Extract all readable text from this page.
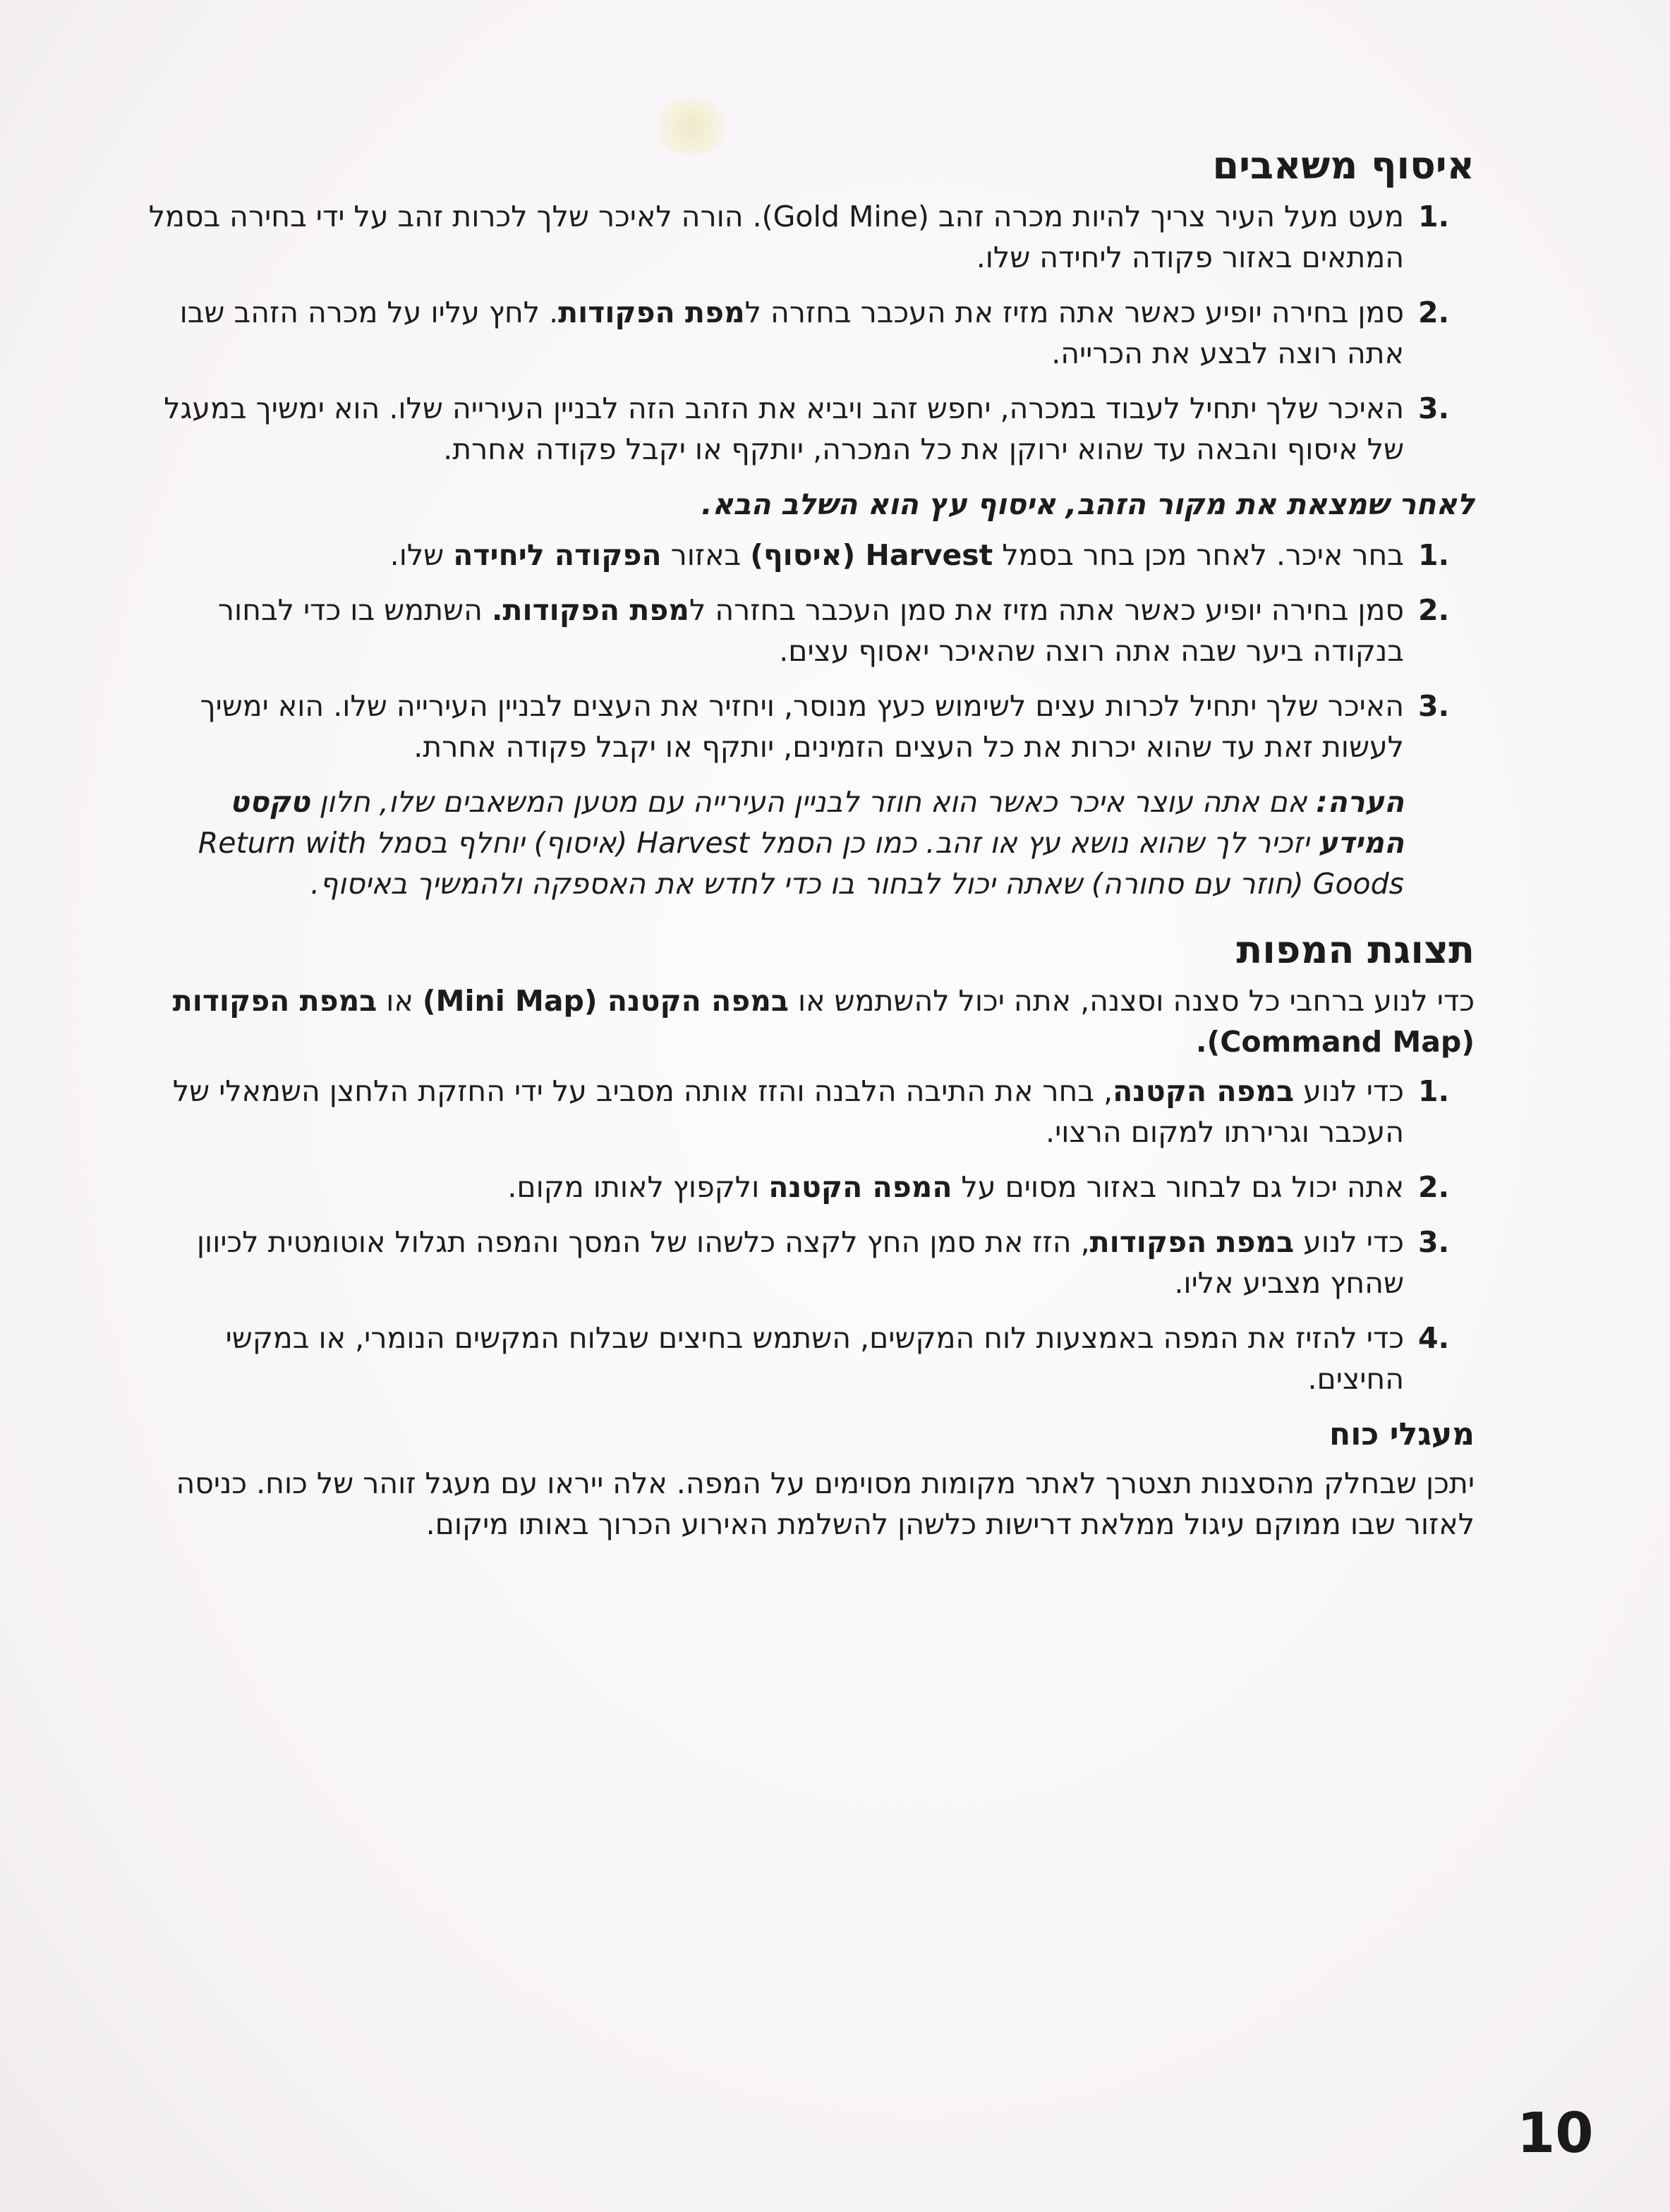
איסוף משאבים
1.
מעט מעל העיר צריך להיות מכרה זהב (Gold Mine). הורה לאיכר שלך לכרות זהב על ידי בחירה בסמל המתאים באזור פקודה ליחידה שלו.
2.
סמן בחירה יופיע כאשר אתה מזיז את העכבר בחזרה למפת הפקודות. לחץ עליו על מכרה הזהב שבו אתה רוצה לבצע את הכרייה.
3.
האיכר שלך יתחיל לעבוד במכרה, יחפש זהב ויביא את הזהב הזה לבניין העירייה שלו. הוא ימשיך במעגל של איסוף והבאה עד שהוא ירוקן את כל המכרה, יותקף או יקבל פקודה אחרת.
לאחר שמצאת את מקור הזהב, איסוף עץ הוא השלב הבא.
1.
בחר איכר. לאחר מכן בחר בסמל Harvest (איסוף) באזור הפקודה ליחידה שלו.
2.
סמן בחירה יופיע כאשר אתה מזיז את סמן העכבר בחזרה למפת הפקודות. השתמש בו כדי לבחור בנקודה ביער שבה אתה רוצה שהאיכר יאסוף עצים.
3.
האיכר שלך יתחיל לכרות עצים לשימוש כעץ מנוסר, ויחזיר את העצים לבניין העירייה שלו. הוא ימשיך לעשות זאת עד שהוא יכרות את כל העצים הזמינים, יותקף או יקבל פקודה אחרת.
הערה: אם אתה עוצר איכר כאשר הוא חוזר לבניין העירייה עם מטען המשאבים שלו, חלון טקסט המידע יזכיר לך שהוא נושא עץ או זהב. כמו כן הסמל Harvest (איסוף) יוחלף בסמל Return with Goods (חוזר עם סחורה) שאתה יכול לבחור בו כדי לחדש את האספקה ולהמשיך באיסוף.
תצוגת המפות
כדי לנוע ברחבי כל סצנה וסצנה, אתה יכול להשתמש או במפה הקטנה (Mini Map) או במפת הפקודות (Command Map).
1.
כדי לנוע במפה הקטנה, בחר את התיבה הלבנה והזז אותה מסביב על ידי החזקת הלחצן השמאלי של העכבר וגרירתו למקום הרצוי.
2.
אתה יכול גם לבחור באזור מסוים על המפה הקטנה ולקפוץ לאותו מקום.
3.
כדי לנוע במפת הפקודות, הזז את סמן החץ לקצה כלשהו של המסך והמפה תגלול אוטומטית לכיוון שהחץ מצביע אליו.
4.
כדי להזיז את המפה באמצעות לוח המקשים, השתמש בחיצים שבלוח המקשים הנומרי, או במקשי החיצים.
מעגלי כוח
יתכן שבחלק מהסצנות תצטרך לאתר מקומות מסוימים על המפה. אלה ייראו עם מעגל זוהר של כוח. כניסה לאזור שבו ממוקם עיגול ממלאת דרישות כלשהן להשלמת האירוע הכרוך באותו מיקום.
10
